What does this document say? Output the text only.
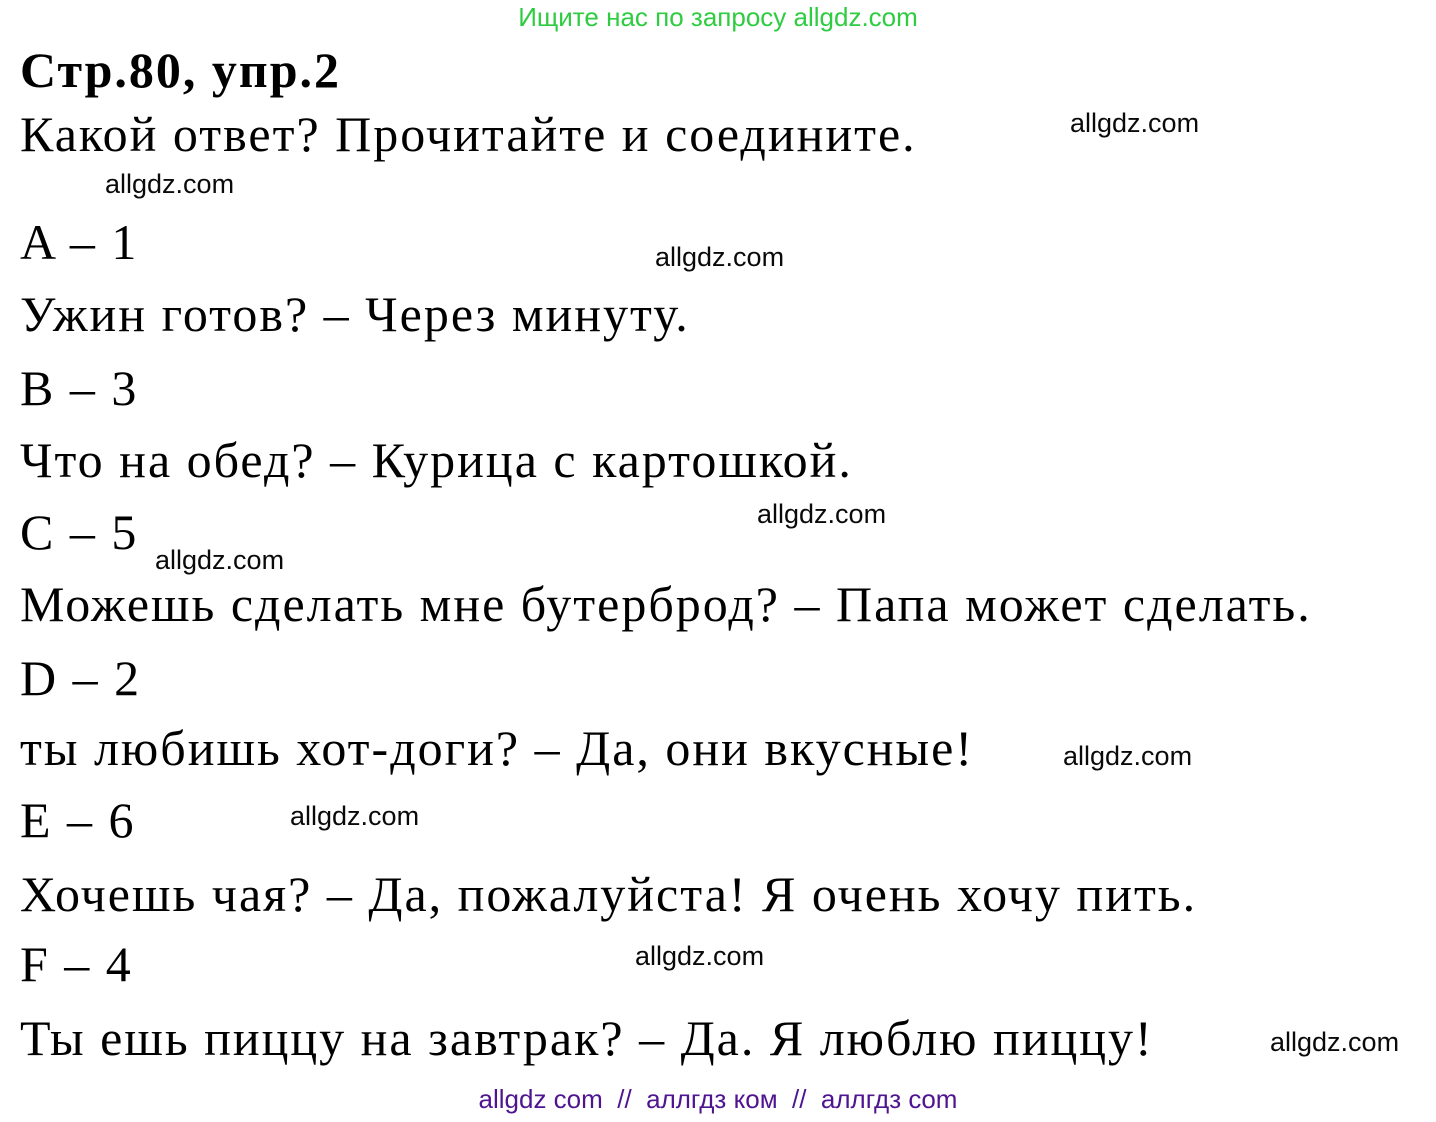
Ищите нас по запросу allgdz.com
Стр.80, упр.2
Какой ответ? Прочитайте и соедините.
A – 1
Ужин готов? – Через минуту.
B – 3
Что на обед? – Курица с картошкой.
C – 5
Можешь сделать мне бутерброд? – Папа может сделать.
D – 2
ты любишь хот-доги? – Да, они вкусные!
E – 6
Хочешь чая? – Да, пожалуйста! Я очень хочу пить.
F – 4
Ты ешь пиццу на завтрак? – Да. Я люблю пиццу!
allgdz.com
allgdz.com
allgdz.com
allgdz.com
allgdz.com
allgdz.com
allgdz.com
allgdz.com
allgdz.com
allgdz com  //  аллгдз ком  //  аллгдз com
